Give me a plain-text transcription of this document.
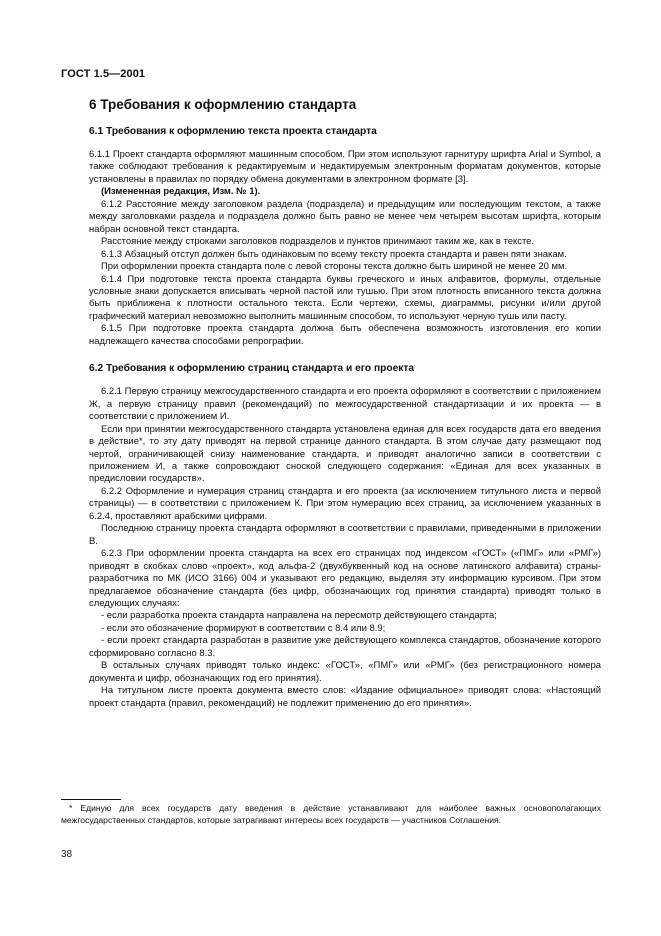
ГОСТ 1.5—2001
6 Требования к оформлению стандарта
6.1 Требования к оформлению текста проекта стандарта

6.1.1 Проект стандарта оформляют машинным способом. При этом используют гарнитуру шрифта Arial и Symbol, а также соблюдают требования к редактируемым и недактируемым электронным форматам документов, которые установлены в правилах по порядку обмена документами в электронном формате [3].

(Измененная редакция, Изм. № 1).

6.1.2 Расстояние между заголовком раздела (подраздела) и предыдущим или последующим текстом, а также между заголовками раздела и подраздела должно быть равно не менее чем четырем высотам шрифта, которым набран основной текст стандарта.

Расстояние между строками заголовков подразделов и пунктов принимают таким же, как в тексте.

6.1.3 Абзацный отступ должен быть одинаковым по всему тексту проекта стандарта и равен пяти знакам.

При оформлении проекта стандарта поле с левой стороны текста должно быть шириной не менее 20 мм.

6.1.4 При подготовке текста проекта стандарта буквы греческого и иных алфавитов, формулы, отдельные условные знаки допускается вписывать черной пастой или тушью. При этом плотность вписанного текста должна быть приближена к плотности остального текста. Если чертежи, схемы, диаграммы, рисунки и/или другой графический материал невозможно выполнить машинным способом, то используют черную тушь или пасту.

6.1.5 При подготовке проекта стандарта должна быть обеспечена возможность изготовления его копии надлежащего качества способами репрографии.

6.2 Требования к оформлению страниц стандарта и его проекта

6.2.1 Первую страницу межгосударственного стандарта и его проекта оформляют в соответствии с приложением Ж, а первую страницу правил (рекомендаций) по межгосударственной стандартизации и их проекта — в соответствии с приложением И.

Если при принятии межгосударственного стандарта установлена единая для всех государств дата его введения в действие*, то эту дату приводят на первой странице данного стандарта. В этом случае дату размещают под чертой, ограничивающей снизу наименование стандарта, и приводят аналогично записи в соответствии с приложением И, а также сопровождают сноской следующего содержания: «Единая для всех указанных в предисловии государств».

6.2.2 Оформление и нумерация страниц стандарта и его проекта (за исключением титульного листа и первой страницы) — в соответствии с приложением К. При этом нумерацию всех страниц, за исключением указанных в 6.2.4, проставляют арабскими цифрами.

Последнюю страницу проекта стандарта оформляют в соответствии с правилами, приведенными в приложении В.

6.2.3 При оформлении проекта стандарта на всех его страницах под индексом «ГОСТ» («ПМГ» или «РМГ») приводят в скобках слово «проект», код альфа-2 (двухбуквенный код на основе латинского алфавита) страны-разработчика по МК (ИСО 3166) 004 и указывают его редакцию, выделяя эту информацию курсивом. При этом предлагаемое обозначение стандарта (без цифр, обозначающих год принятия стандарта) приводят только в следующих случаях:

- если разработка проекта стандарта направлена на пересмотр действующего стандарта;

- если это обозначение формируют в соответствии с 8.4 или 8.9;

- если проект стандарта разработан в развитие уже действующего комплекса стандартов, обозначение которого сформировано согласно 8.3.

В остальных случаях приводят только индекс: «ГОСТ», «ПМГ» или «РМГ» (без регистрационного номера документа и цифр, обозначающих год его принятия).

На титульном листе проекта документа вместо слов: «Издание официальное» приводят слова: «Настоящий проект стандарта (правил, рекомендаций) не подлежит применению до его принятия».

* Единую для всех государств дату введения в действие устанавливают для наиболее важных основополагающих межгосударственных стандартов, которые затрагивают интересы всех государств — участников Соглашения.
38
